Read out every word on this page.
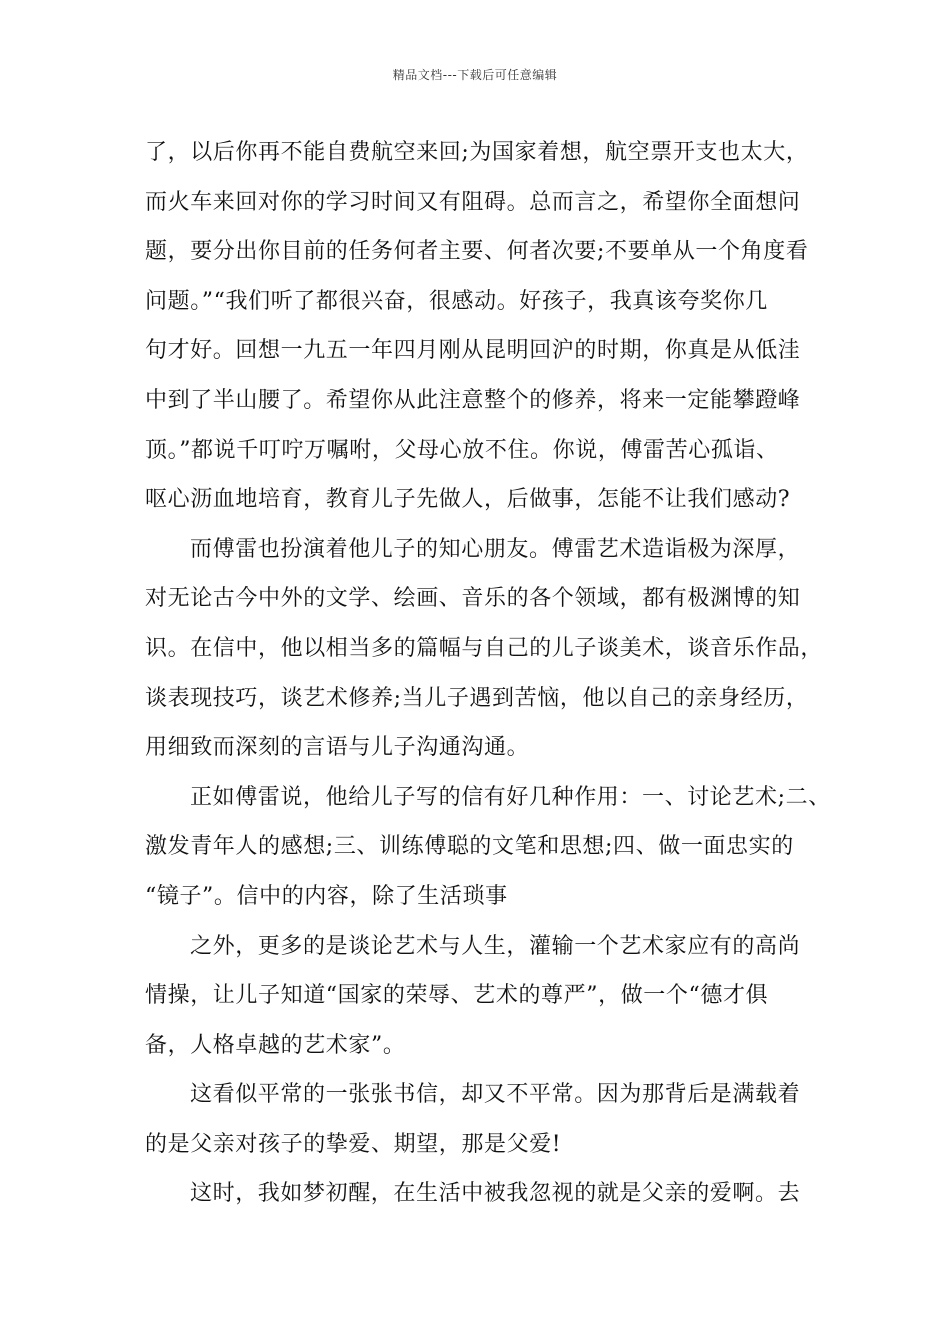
精品文档---下载后可任意编辑
了，以后你再不能自费航空来回;为国家着想，航空票开支也太大，
而火车来回对你的学习时间又有阻碍。总而言之，希望你全面想问
题，要分出你目前的任务何者主要、何者次要;不要单从一个角度看
问题。”“我们听了都很兴奋，很感动。好孩子，我真该夸奖你几
句才好。回想一九五一年四月刚从昆明回沪的时期，你真是从低洼
中到了半山腰了。希望你从此注意整个的修养，将来一定能攀蹬峰
顶。”都说千叮咛万嘱咐，父母心放不住。你说，傅雷苦心孤诣、
呕心沥血地培育，教育儿子先做人，后做事，怎能不让我们感动?
而傅雷也扮演着他儿子的知心朋友。傅雷艺术造诣极为深厚，
对无论古今中外的文学、绘画、音乐的各个领域，都有极渊博的知
识。在信中，他以相当多的篇幅与自己的儿子谈美术，谈音乐作品，
谈表现技巧，谈艺术修养;当儿子遇到苦恼，他以自己的亲身经历，
用细致而深刻的言语与儿子沟通沟通。
正如傅雷说，他给儿子写的信有好几种作用：一、讨论艺术;二、
激发青年人的感想;三、训练傅聪的文笔和思想;四、做一面忠实的
“镜子”。信中的内容，除了生活琐事
之外，更多的是谈论艺术与人生，灌输一个艺术家应有的高尚
情操，让儿子知道“国家的荣辱、艺术的尊严”，做一个“德才俱
备，人格卓越的艺术家”。
这看似平常的一张张书信，却又不平常。因为那背后是满载着
的是父亲对孩子的挚爱、期望，那是父爱!
这时，我如梦初醒，在生活中被我忽视的就是父亲的爱啊。去
